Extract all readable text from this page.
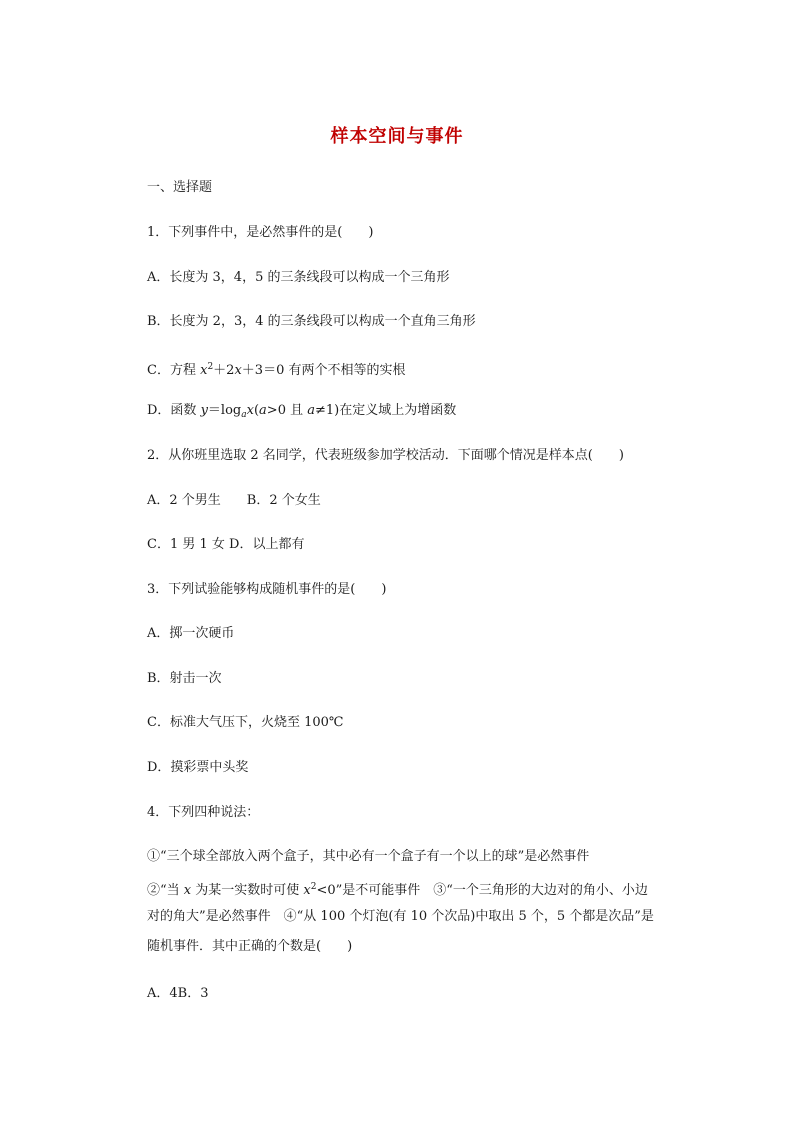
样本空间与事件
一、选择题
1．下列事件中，是必然事件的是(　　)
A．长度为 3，4，5 的三条线段可以构成一个三角形
B．长度为 2，3，4 的三条线段可以构成一个直角三角形
C．方程 $x^2+2x+3=0$ 有两个不相等的实根
D．函数 $y=\log_ax(a>0$ 且 a≠1)在定义域上为增函数
2．从你班里选取 2 名同学，代表班级参加学校活动．下面哪个情况是样本点(　　)
A．2 个男生　　B．2 个女生
C．1 男 1 女 D．以上都有
3．下列试验能够构成随机事件的是(　　)
A．掷一次硬币
B．射击一次
C．标准大气压下，火烧至 100℃
D．摸彩票中头奖
4．下列四种说法：
①“三个球全部放入两个盒子，其中必有一个盒子有一个以上的球”是必然事件
②“当 x 为某一实数时可使 $x^2<0$”是不可能事件　③“一个三角形的大边对的角小、小边
对的角大”是必然事件　④“从 100 个灯泡(有 10 个次品)中取出 5 个，5 个都是次品”是
随机事件．其中正确的个数是(　　)
A．4B．3
